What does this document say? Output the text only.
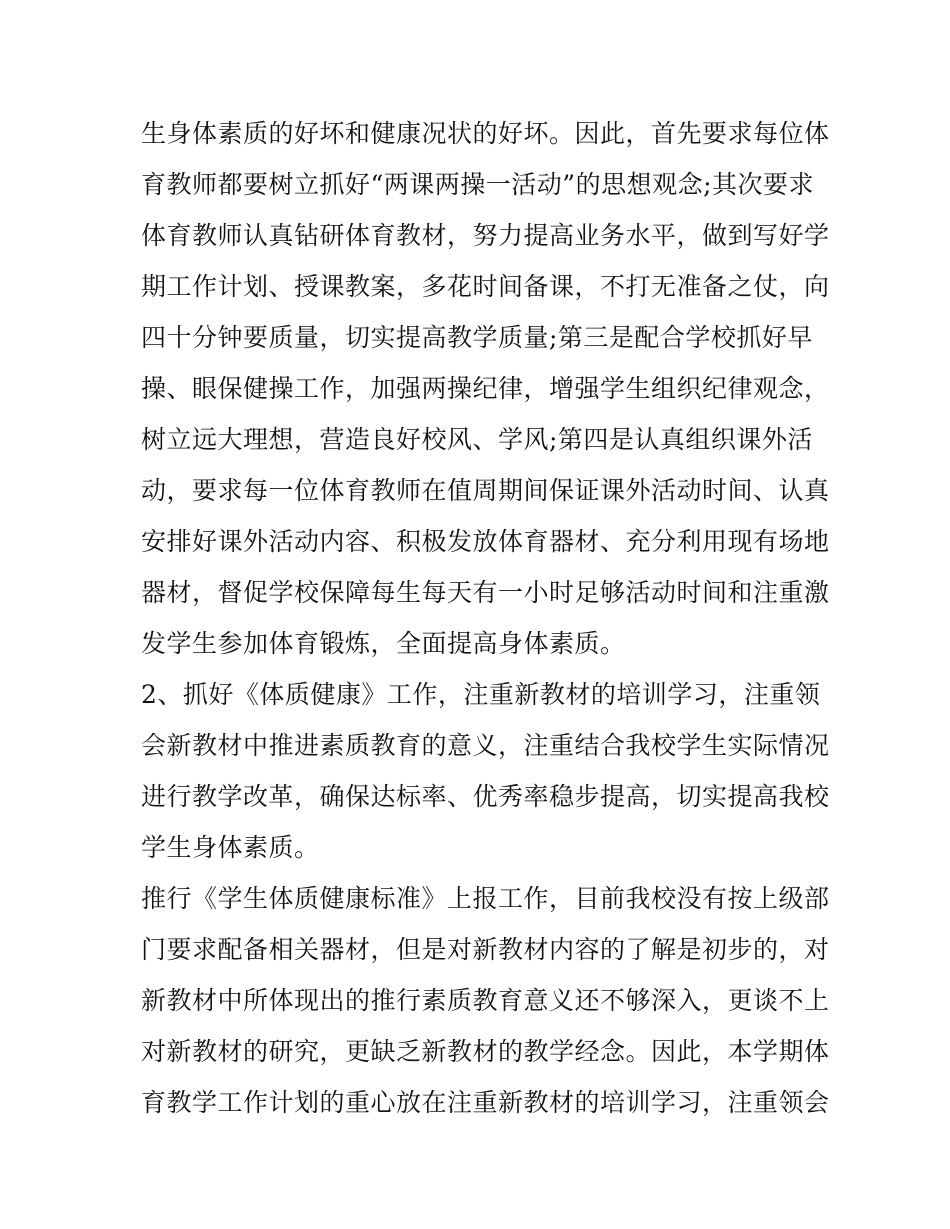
生身体素质的好坏和健康况状的好坏。因此，首先要求每位体
育教师都要树立抓好“两课两操一活动”的思想观念;其次要求
体育教师认真钻研体育教材，努力提高业务水平，做到写好学
期工作计划、授课教案，多花时间备课，不打无准备之仗，向
四十分钟要质量，切实提高教学质量;第三是配合学校抓好早
操、眼保健操工作，加强两操纪律，增强学生组织纪律观念，
树立远大理想，营造良好校风、学风;第四是认真组织课外活
动，要求每一位体育教师在值周期间保证课外活动时间、认真
安排好课外活动内容、积极发放体育器材、充分利用现有场地
器材，督促学校保障每生每天有一小时足够活动时间和注重激
发学生参加体育锻炼，全面提高身体素质。
2、抓好《体质健康》工作，注重新教材的培训学习，注重领
会新教材中推进素质教育的意义，注重结合我校学生实际情况
进行教学改革，确保达标率、优秀率稳步提高，切实提高我校
学生身体素质。
推行《学生体质健康标准》上报工作，目前我校没有按上级部
门要求配备相关器材，但是对新教材内容的了解是初步的，对
新教材中所体现出的推行素质教育意义还不够深入，更谈不上
对新教材的研究，更缺乏新教材的教学经念。因此，本学期体
育教学工作计划的重心放在注重新教材的培训学习，注重领会
